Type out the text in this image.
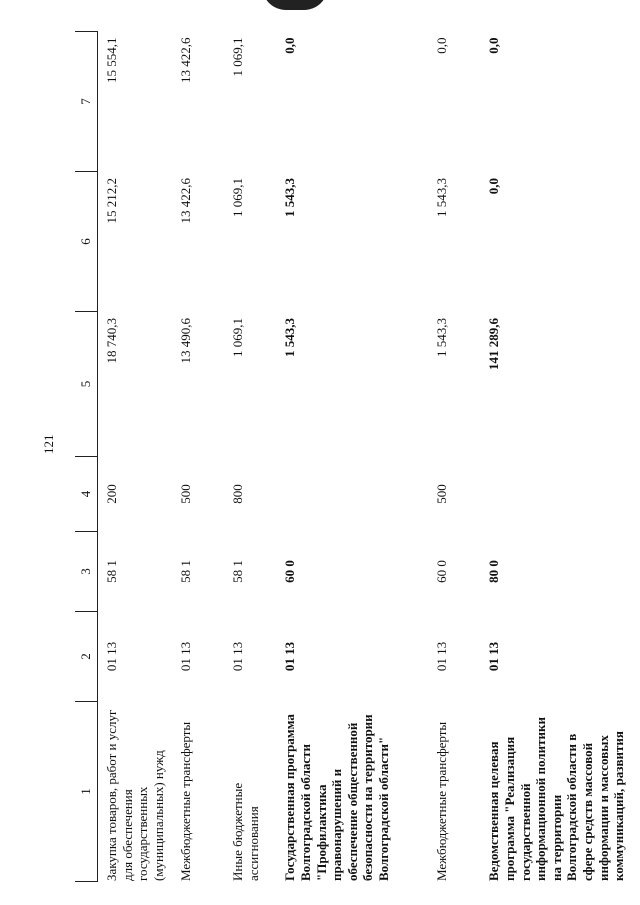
121
1	2	3	4	5	6	7
Закупка товаров, работ и услуг для обеспечения государственных (муниципальных) нужд	01 13	58 1	200	18 740,3	15 212,2	15 554,1
Межбюджетные трансферты	01 13	58 1	500	13 490,6	13 422,6	13 422,6
Иные бюджетные ассигнования	01 13	58 1	800	1 069,1	1 069,1	1 069,1
Государственная программа Волгоградской области "Профилактика правонарушений и обеспечение общественной безопасности на территории Волгоградской области"	01 13	60 0		1 543,3	1 543,3	0,0
Межбюджетные трансферты	01 13	60 0	500	1 543,3	1 543,3	0,0
Ведомственная целевая программа "Реализация государственной информационной политики на территории Волгоградской области в сфере средств массовой информации и массовых коммуникаций, развития	01 13	80 0		141 289,6	0,0	0,0
